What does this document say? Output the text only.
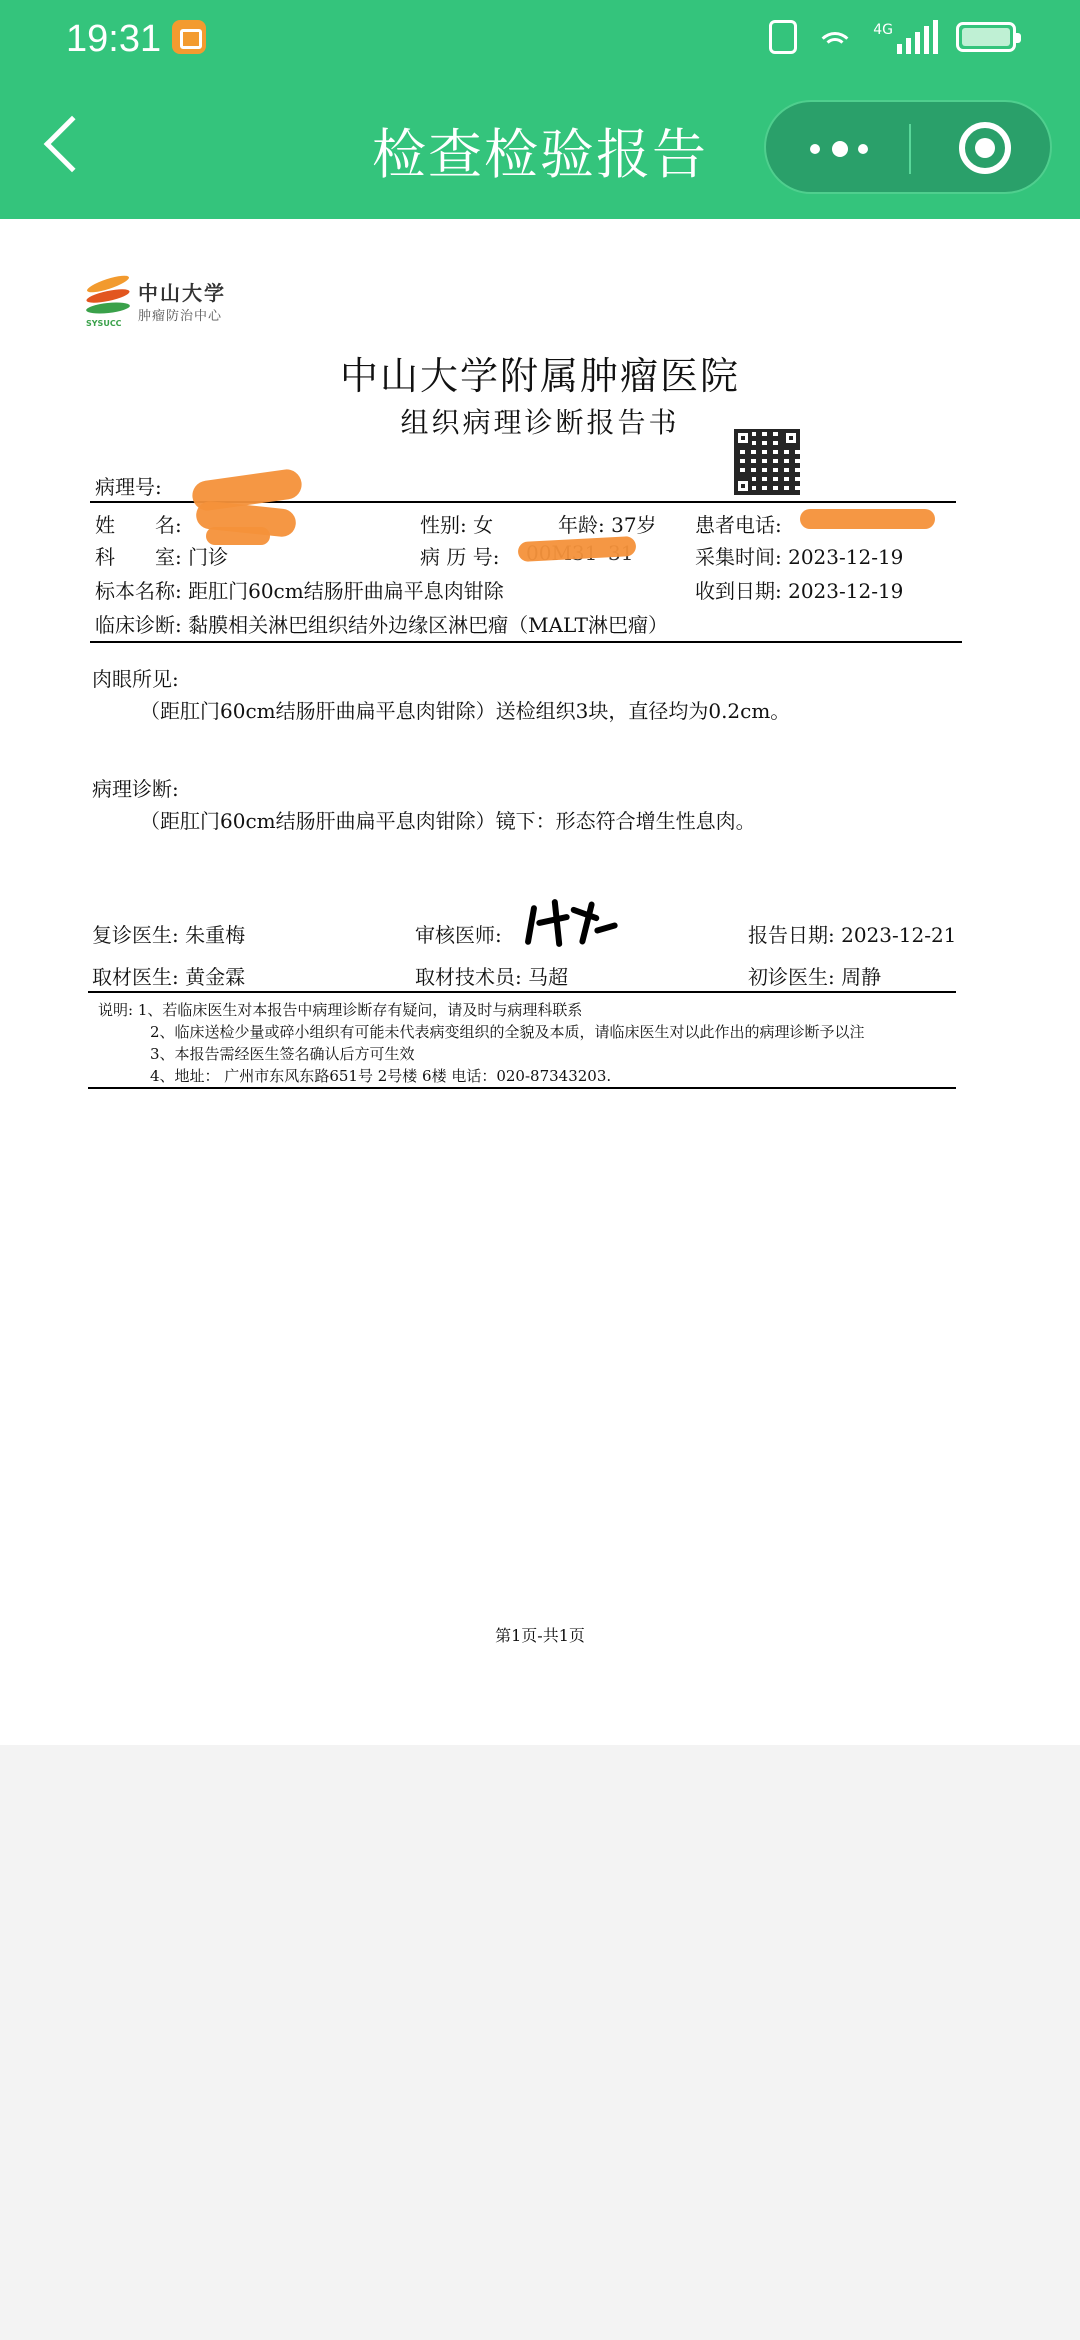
19:31	4G
检查检验报告
SYSUCC
中山大学
肿瘤防治中心
中山大学附属肿瘤医院
组织病理诊断报告书
病理号:
姓　　名:	性别: 女	年龄: 37岁 患者电话:
科　　室: 门诊	病 历 号:	采集时间: 2023-12-19
标本名称: 距肛门60cm结肠肝曲扁平息肉钳除	收到日期: 2023-12-19
临床诊断: 黏膜相关淋巴组织结外边缘区淋巴瘤（MALT淋巴瘤）
肉眼所见:
（距肛门60cm结肠肝曲扁平息肉钳除）送检组织3块，直径均为0.2cm。
病理诊断:
（距肛门60cm结肠肝曲扁平息肉钳除）镜下：形态符合增生性息肉。
复诊医生: 朱重梅	审核医师:	报告日期: 2023-12-21
取材医生: 黄金霖	取材技术员: 马超	初诊医生: 周静
说明: 1、若临床医生对本报告中病理诊断存有疑问，请及时与病理科联系
2、临床送检少量或碎小组织有可能未代表病变组织的全貌及本质，请临床医生对以此作出的病理诊断予以注
3、本报告需经医生签名确认后方可生效
4、地址： 广州市东风东路651号 2号楼 6楼 电话：020-87343203.
第1页-共1页
